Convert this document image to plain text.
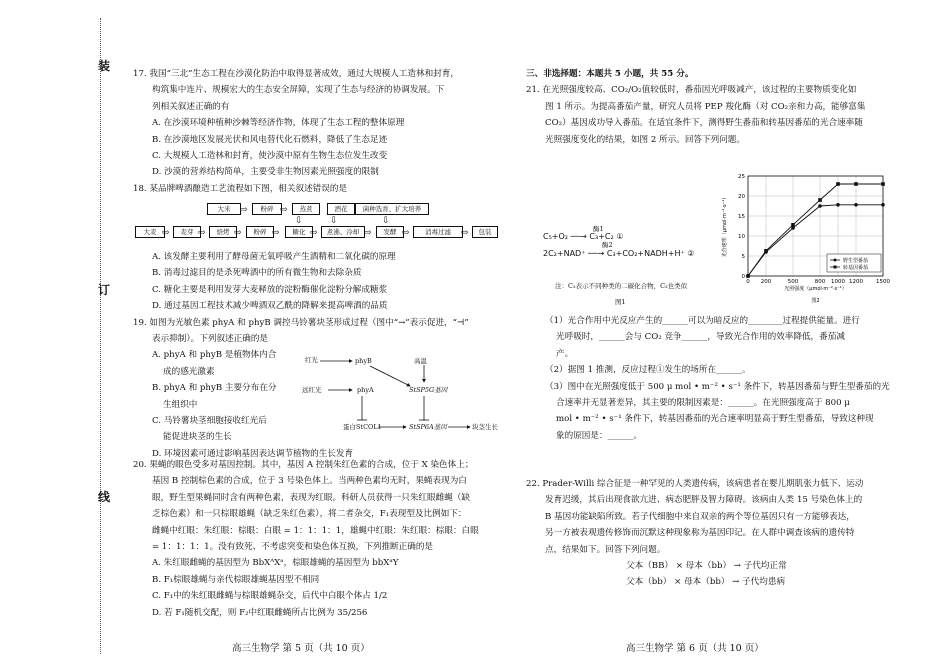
装
订
线

17. 我国“三北”生态工程在沙漠化防治中取得显著成效，通过大规模人工造林和封育，

构筑集中连片、规模宏大的生态安全屏障，实现了生态与经济的协调发展。下

列相关叙述正确的有

A. 在沙漠环境种植种沙棘等经济作物，体现了生态工程的整体原理

B. 在沙漠地区发展光伏和风电替代化石燃料，降低了生态足迹

C. 大规模人工造林和封育，使沙漠中原有生物生态位发生改变

D. 沙漠的营养结构简单，主要受非生物因素光照强度的限制

18. 某品牌啤酒酿造工艺流程如下图，相关叙述错误的是

大米	⇨	粉碎 ⇨	蒸煮	酒花	菌种选育、扩大培养
⇩	⇩	⇩
大麦 ⇨	麦芽 ⇨	焙烤 ⇨	粉碎 ⇨	糖化 ⇨	煮沸、冷却 ⇨	发酵 ⇨	消毒过滤	⇨	包装

A. 该发酵主要利用了酵母菌无氧呼吸产生酒精和二氧化碳的原理

B. 消毒过滤目的是杀死啤酒中的所有微生物和去除杂质

C. 糖化主要是利用发芽大麦释放的淀粉酶催化淀粉分解成糖浆

D. 通过基因工程技术减少啤酒双乙酰的降解来提高啤酒的品质

19. 如图为光敏色素 phyA 和 phyB 调控马铃薯块茎形成过程（图中“→”表示促进，“⊣”

表示抑制）。下列叙述正确的是

A. phyA 和 phyB 是植物体内合

成的感光激素

B. phyA 和 phyB 主要分布在分

生组织中

C. 马铃薯块茎细胞接收红光后

能促进块茎的生长

D. 环境因素可通过影响基因表达调节植物的生长发育

红光	phyB
远红光	phyA
高温
StSP5G基因
蛋白StCOL1	StSP6A基因	块茎生长

20. 果蝇的眼色受多对基因控制。其中，基因 A 控制朱红色素的合成，位于 X 染色体上；

基因 B 控制棕色素的合成，位于 3 号染色体上。当两种色素均无时，果蝇表现为白

眼，野生型果蝇同时含有两种色素，表现为红眼。科研人员获得一只朱红眼雌蝇（缺

乏棕色素）和一只棕眼雄蝇（缺乏朱红色素），将二者杂交，F₁表现型及比例如下：

雌蝇中红眼：朱红眼：棕眼：白眼 = 1：1：1：1，雄蝇中红眼：朱红眼：棕眼：白眼

= 1：1：1：1。没有致死、不考虑突变和染色体互换，下列推断正确的是

A. 朱红眼雌蝇的基因型为 BbXᴬXᵃ，棕眼雄蝇的基因型为 bbXᵃY

B. F₁棕眼雄蝇与亲代棕眼雄蝇基因型不相同

C. F₁中的朱红眼雌蝇与棕眼雄蝇杂交，后代中白眼个体占 1/2

D. 若 F₁随机交配，则 F₂中红眼雌蝇所占比例为 35/256

高三生物学 第 5 页（共 10 页）

三、非选择题：本题共 5 小题，共 55 分。

21. 在光照强度较高、CO₂/O₂值较低时，番茄因光呼吸减产，该过程的主要物质变化如

图 1 所示。为提高番茄产量，研究人员将 PEP 羧化酶（对 CO₂亲和力高，能够富集

CO₂）基因成功导入番茄。在适宜条件下，测得野生番茄和转基因番茄的光合速率随

光照强度变化的结果，如图 2 所示。回答下列问题。

酶1
C₅+O₂ ──→ C₃+C₂ ①
酶2
2C₂+NAD⁺ ──→ C₃+CO₂+NADH+H⁺ ②
注：C₂表示不同种类的二碳化合物，C₂也类似
图1
0
5
10
15
20
25
0 200	500	800 1000 1200 1500
光照强度（μmol·m⁻²·s⁻¹）
光合速率（μmol·m⁻²·s⁻¹）
野生型番茄
转基因番茄
图2

（1）光合作用中光反应产生的______可以为暗反应的________过程提供能量。进行

光呼吸时，______会与 CO₂ 竞争______，导致光合作用的效率降低，番茄减

产。

（2）据图 1 推测，反应过程①发生的场所在______。

（3）图中在光照强度低于 500 μ mol • m⁻² • s⁻¹ 条件下，转基因番茄与野生型番茄的光

合速率并无显著差异，其主要的限制因素是：______。在光照强度高于 800 μ

mol • m⁻² • s⁻¹ 条件下，转基因番茄的光合速率明显高于野生型番茄，导致这种现

象的原因是：______。

22. Prader-Willi 综合征是一种罕见的人类遗传病，该病患者在婴儿期肌张力低下、运动

发育迟缓，其后出现食欲亢进、病态肥胖及智力障碍。该病由人类 15 号染色体上的

B 基因功能缺陷所致。若子代细胞中来自双亲的两个等位基因只有一方能够表达，

另一方被表观遗传修饰而沉默这种现象称为基因印记。在人群中调查该病的遗传特

点，结果如下。回答下列问题。

父本（BB） × 母本（bb） → 子代均正常

父本（bb） × 母本（bb） → 子代均患病

高三生物学 第 6 页（共 10 页）
